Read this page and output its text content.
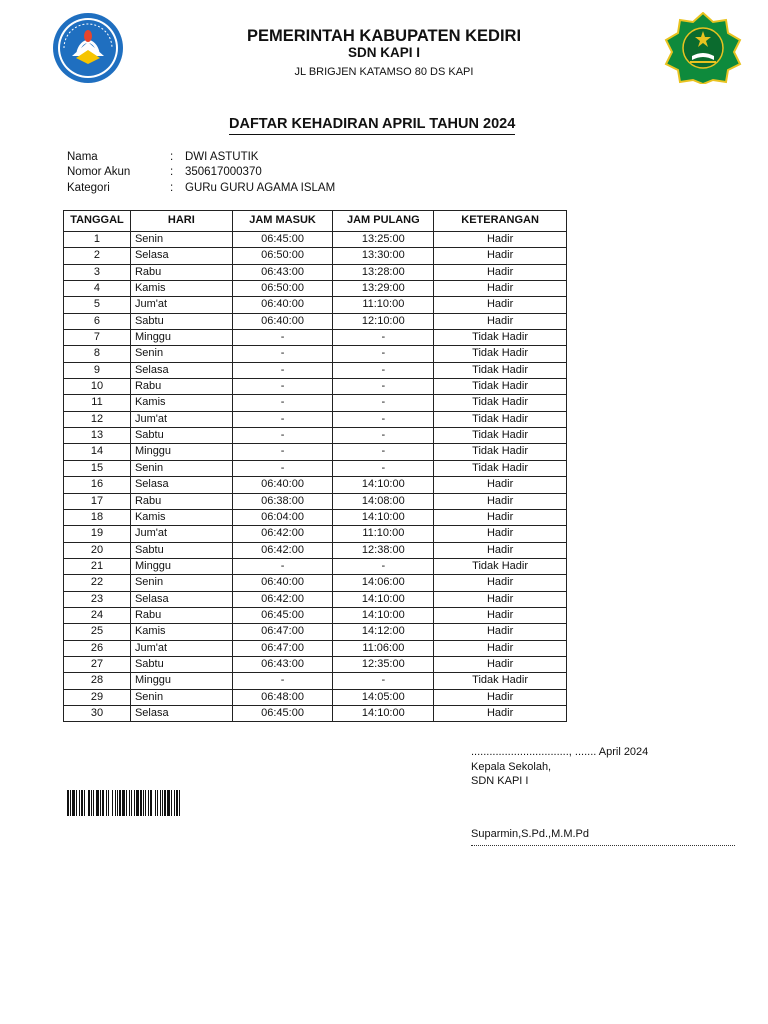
PEMERINTAH KABUPATEN KEDIRI
SDN KAPI I
JL BRIGJEN KATAMSO 80 DS KAPI
DAFTAR KEHADIRAN APRIL TAHUN 2024
Nama	:	DWI ASTUTIK
Nomor Akun	:	350617000370
Kategori	:	GURu GURU AGAMA ISLAM
TANGGAL	HARI	JAM MASUK	JAM PULANG	KETERANGAN
1	Senin	06:45:00	13:25:00	Hadir
2	Selasa	06:50:00	13:30:00	Hadir
3	Rabu	06:43:00	13:28:00	Hadir
4	Kamis	06:50:00	13:29:00	Hadir
5	Jum'at	06:40:00	11:10:00	Hadir
6	Sabtu	06:40:00	12:10:00	Hadir
7	Minggu	-	-	Tidak Hadir
8	Senin	-	-	Tidak Hadir
9	Selasa	-	-	Tidak Hadir
10	Rabu	-	-	Tidak Hadir
11	Kamis	-	-	Tidak Hadir
12	Jum'at	-	-	Tidak Hadir
13	Sabtu	-	-	Tidak Hadir
14	Minggu	-	-	Tidak Hadir
15	Senin	-	-	Tidak Hadir
16	Selasa	06:40:00	14:10:00	Hadir
17	Rabu	06:38:00	14:08:00	Hadir
18	Kamis	06:04:00	14:10:00	Hadir
19	Jum'at	06:42:00	11:10:00	Hadir
20	Sabtu	06:42:00	12:38:00	Hadir
21	Minggu	-	-	Tidak Hadir
22	Senin	06:40:00	14:06:00	Hadir
23	Selasa	06:42:00	14:10:00	Hadir
24	Rabu	06:45:00	14:10:00	Hadir
25	Kamis	06:47:00	14:12:00	Hadir
26	Jum'at	06:47:00	11:06:00	Hadir
27	Sabtu	06:43:00	12:35:00	Hadir
28	Minggu	-	-	Tidak Hadir
29	Senin	06:48:00	14:05:00	Hadir
30	Selasa	06:45:00	14:10:00	Hadir
................................, ....... April 2024
Kepala Sekolah,
SDN KAPI I
Suparmin,S.Pd.,M.M.Pd
